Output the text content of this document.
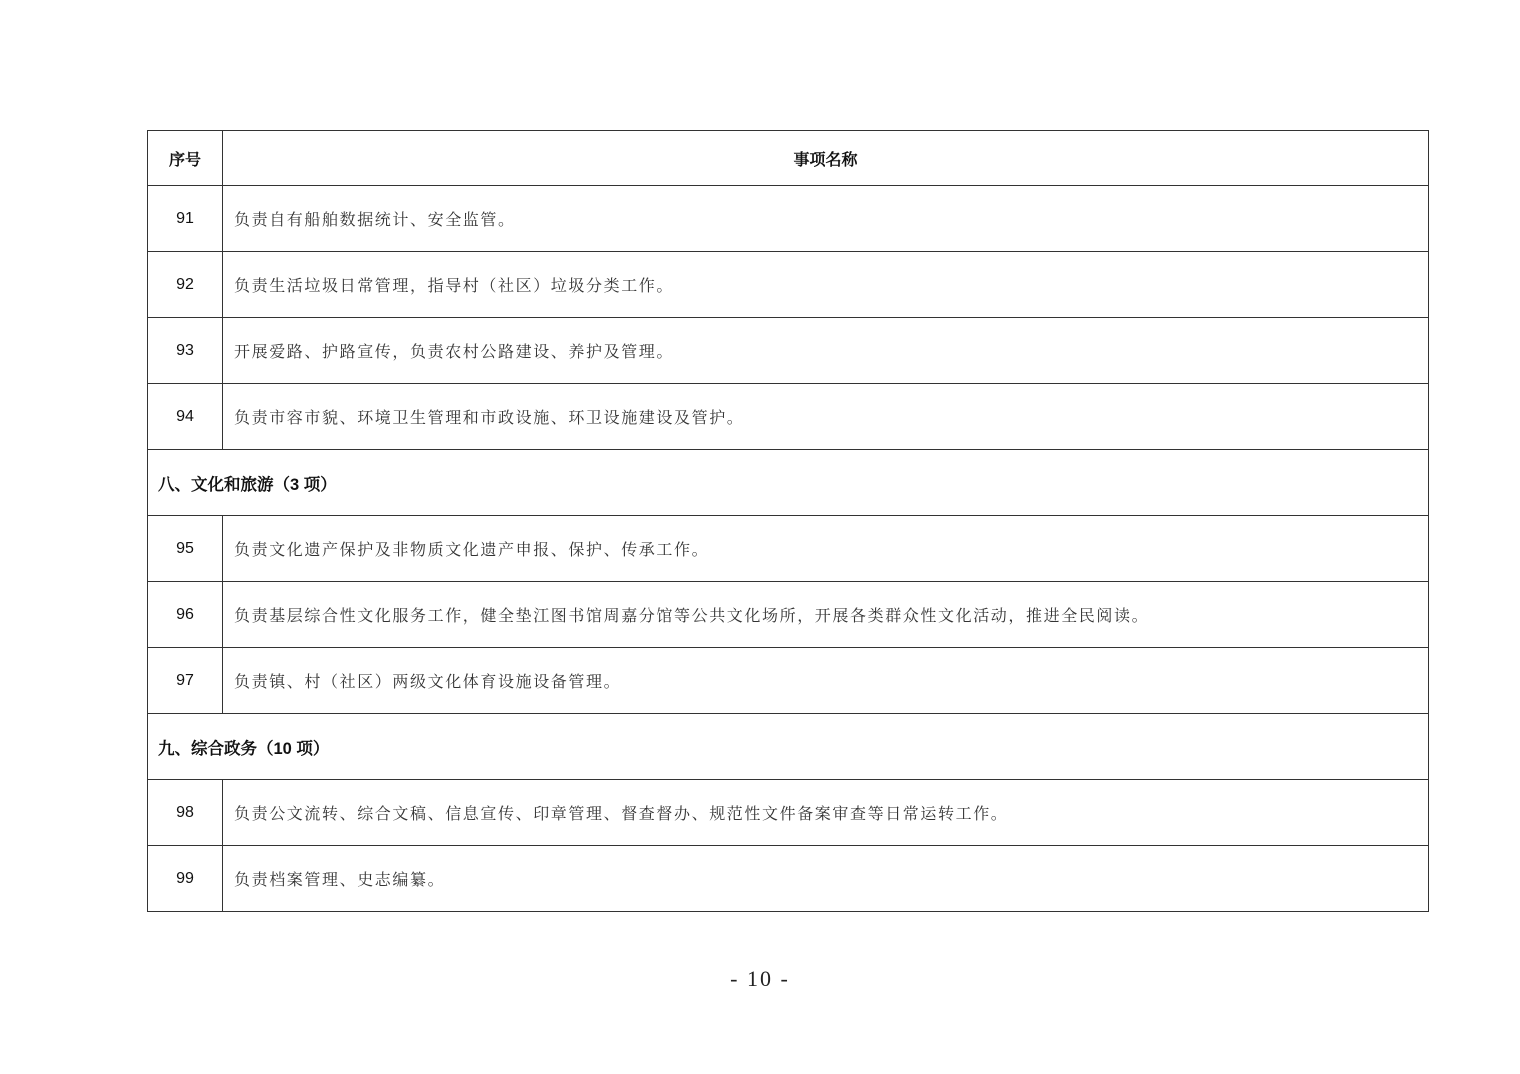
序号	事项名称
91	负责自有船舶数据统计、安全监管。
92	负责生活垃圾日常管理，指导村（社区）垃圾分类工作。
93	开展爱路、护路宣传，负责农村公路建设、养护及管理。
94	负责市容市貌、环境卫生管理和市政设施、环卫设施建设及管护。
八、文化和旅游（3 项）	
95	负责文化遗产保护及非物质文化遗产申报、保护、传承工作。
96	负责基层综合性文化服务工作，健全垫江图书馆周嘉分馆等公共文化场所，开展各类群众性文化活动，推进全民阅读。
97	负责镇、村（社区）两级文化体育设施设备管理。
九、综合政务（10 项）	
98	负责公文流转、综合文稿、信息宣传、印章管理、督查督办、规范性文件备案审查等日常运转工作。
99	负责档案管理、史志编纂。
- 10 -
